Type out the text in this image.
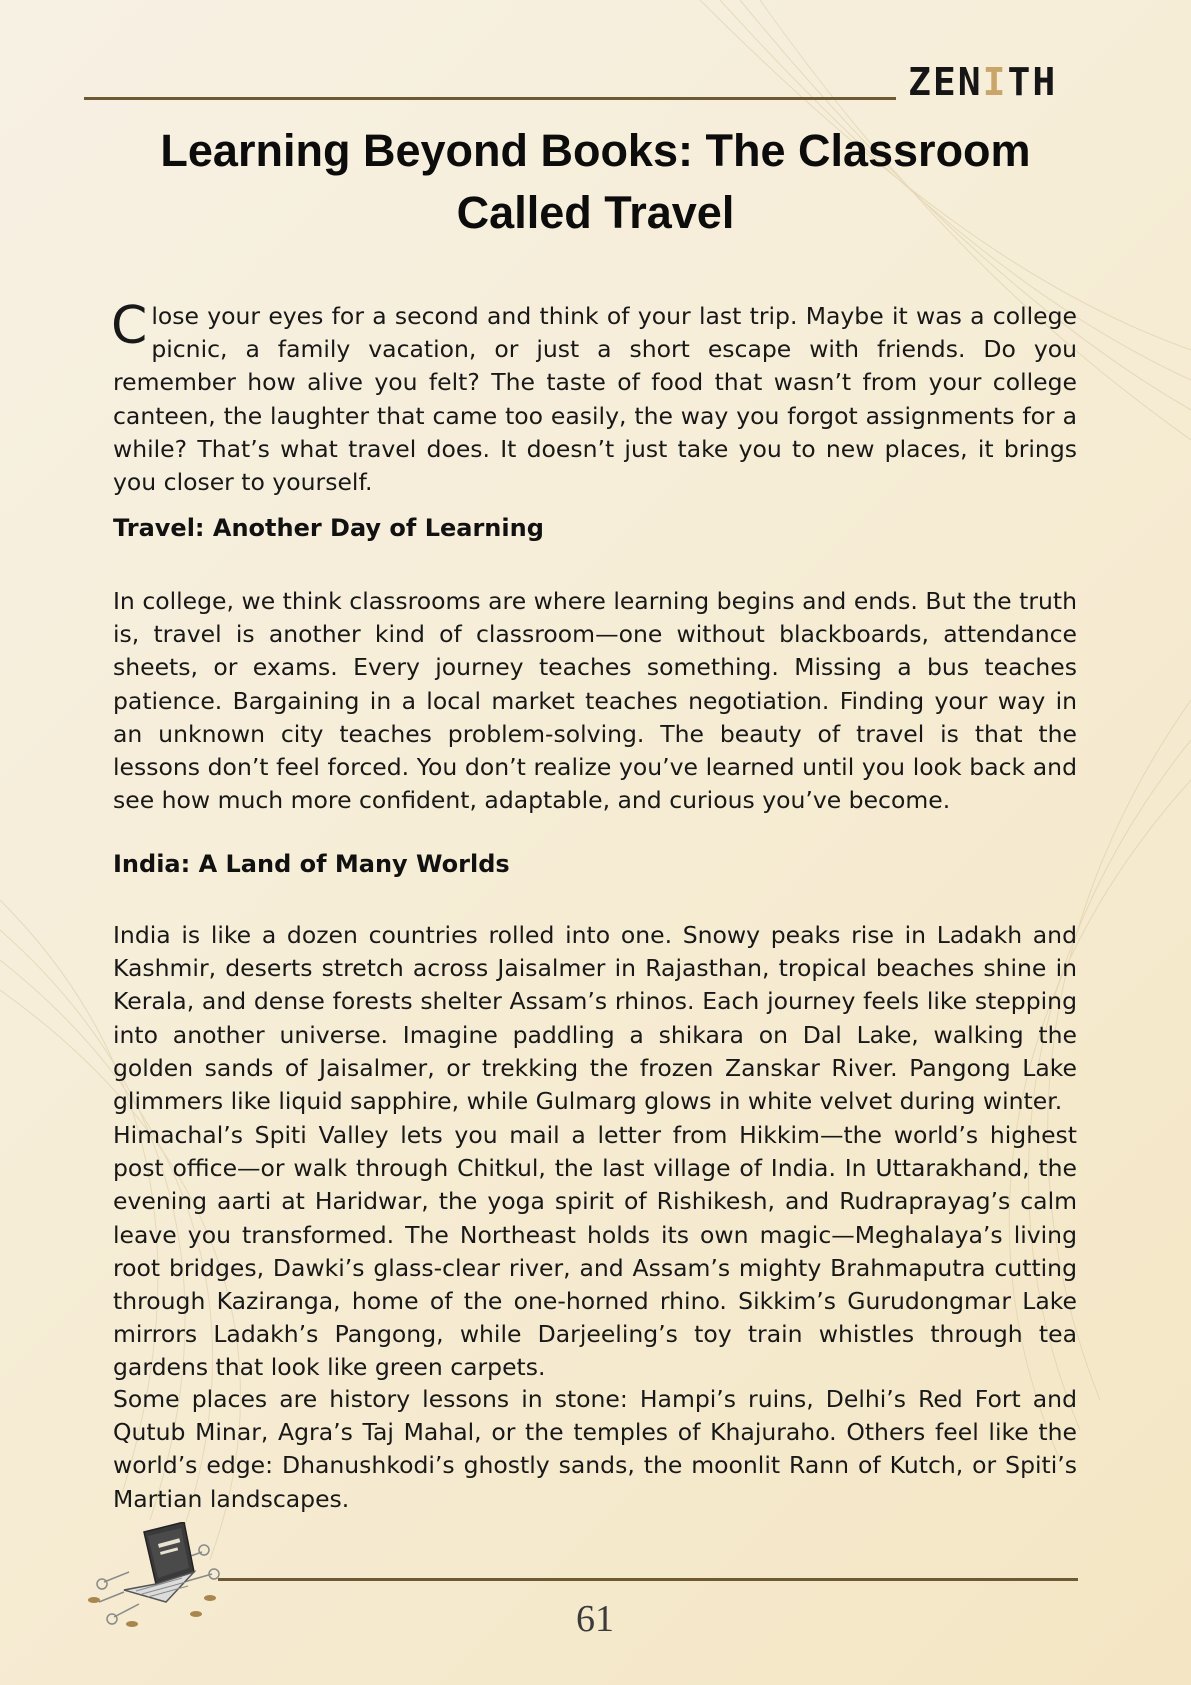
ZENITH
Learning Beyond Books: The Classroom Called Travel

Close your eyes for a second and think of your last trip. Maybe it was a college picnic, a family vacation, or just a short escape with friends. Do you remember how alive you felt? The taste of food that wasn’t from your college canteen, the laughter that came too easily, the way you forgot assignments for a while? That’s what travel does. It doesn’t just take you to new places, it brings you closer to yourself.

Travel: Another Day of Learning

In college, we think classrooms are where learning begins and ends. But the truth is, travel is another kind of classroom—one without blackboards, attendance sheets, or exams. Every journey teaches something. Missing a bus teaches patience. Bargaining in a local market teaches negotiation. Finding your way in an unknown city teaches problem-solving. The beauty of travel is that the lessons don’t feel forced. You don’t realize you’ve learned until you look back and see how much more confident, adaptable, and curious you’ve become.

India: A Land of Many Worlds

India is like a dozen countries rolled into one. Snowy peaks rise in Ladakh and Kashmir, deserts stretch across Jaisalmer in Rajasthan, tropical beaches shine in Kerala, and dense forests shelter Assam’s rhinos. Each journey feels like stepping into another universe. Imagine paddling a shikara on Dal Lake, walking the golden sands of Jaisalmer, or trekking the frozen Zanskar River. Pangong Lake glimmers like liquid sapphire, while Gulmarg glows in white velvet during winter.

Himachal’s Spiti Valley lets you mail a letter from Hikkim—the world’s highest post office—or walk through Chitkul, the last village of India. In Uttarakhand, the evening aarti at Haridwar, the yoga spirit of Rishikesh, and Rudraprayag’s calm leave you transformed. The Northeast holds its own magic—Meghalaya’s living root bridges, Dawki’s glass-clear river, and Assam’s mighty Brahmaputra cutting through Kaziranga, home of the one-horned rhino. Sikkim’s Gurudongmar Lake mirrors Ladakh’s Pangong, while Darjeeling’s toy train whistles through tea gardens that look like green carpets.

Some places are history lessons in stone: Hampi’s ruins, Delhi’s Red Fort and Qutub Minar, Agra’s Taj Mahal, or the temples of Khajuraho. Others feel like the world’s edge: Dhanushkodi’s ghostly sands, the moonlit Rann of Kutch, or Spiti’s Martian landscapes.

61
